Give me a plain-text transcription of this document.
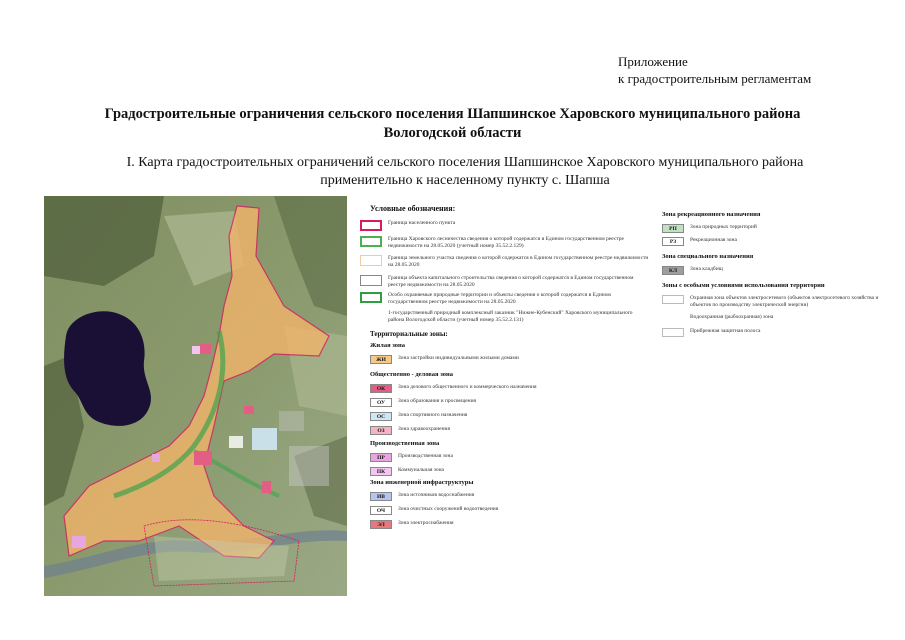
Приложение
к градостроительным регламентам
Градостроительные ограничения сельского поселения Шапшинское Харовского муниципального района
Вологодской области
I. Карта градостроительных ограничений сельского поселения Шапшинское Харовского муниципального района
применительно к населенному пункту с. Шапша
Условные обозначения:
Граница населенного пункта
Граница Харовского лесничества сведения о которой содержатся в Едином государственном реестре недвижимости на 28.05.2020 (учетный номер 35.52.2.129)
Граница земельного участка сведения о которой содержатся в Едином государственном реестре недвижимости на 28.05.2020
Граница объекта капитального строительства сведения о которой содержатся в Едином государственном реестре недвижимости на 28.05.2020
Особо охраняемые природные территории и объекты сведения о которой содержатся в Едином государственном реестре недвижимости на 28.05.2020
1-государственный природный комплексный заказник "Нижне-Кубенский" Харовского муниципального района Вологодской области (учетный номер 35.52.2.131)
Территориальные зоны:
Жилая зона
ЖИ	Зона застройки индивидуальными жилыми домами
Общественно - деловая зона
ОК	Зона делового общественного и коммерческого назначения
ОУ	Зона образования и просвещения
ОС	Зона спортивного назначения
ОЗ	Зона здравоохранения
Производственная зона
ПР	Производственная зона
ПК	Коммунальная зона
Зона инженерной инфраструктуры
ИВ	Зона источников водоснабжения
ОЧ	Зона очистных сооружений водоотведения
ЭЛ	Зона электроснабжения
Зона рекреационного назначения
РП	Зона природных территорий
РЗ	Рекреационная зона
Зона специального назначения
КЛ	Зона кладбищ
Зоны с особыми условиями использования территории
Охранная зона объектов электросетевого (объектов электросетевого хозяйства и объектов по производству электрической энергии)
Водоохранная (рыбоохранная) зона
Прибрежная защитная полоса
